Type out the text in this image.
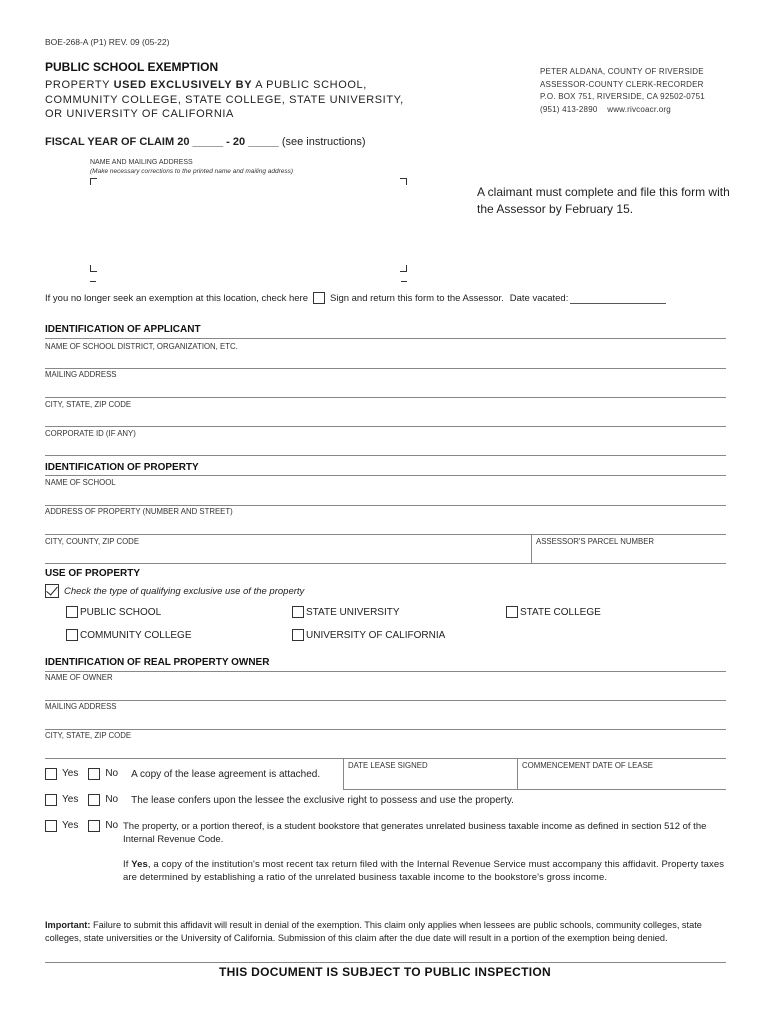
BOE-268-A (P1) REV. 09 (05-22)
PUBLIC SCHOOL EXEMPTION
PROPERTY USED EXCLUSIVELY BY A PUBLIC SCHOOL, COMMUNITY COLLEGE, STATE COLLEGE, STATE UNIVERSITY, OR UNIVERSITY OF CALIFORNIA
PETER ALDANA, COUNTY OF RIVERSIDE
ASSESSOR-COUNTY CLERK-RECORDER
P.O. BOX 751, RIVERSIDE, CA 92502-0751
(951) 413-2890 www.rivcoacr.org
FISCAL YEAR OF CLAIM 20 _____ - 20 _____ (see instructions)
NAME AND MAILING ADDRESS
(Make necessary corrections to the printed name and mailing address)
A claimant must complete and file this form with the Assessor by February 15.
If you no longer seek an exemption at this location, check here Sign and return this form to the Assessor. Date vacated:
IDENTIFICATION OF APPLICANT
NAME OF SCHOOL DISTRICT, ORGANIZATION, ETC.
MAILING ADDRESS
CITY, STATE, ZIP CODE
CORPORATE ID (IF ANY)
IDENTIFICATION OF PROPERTY
NAME OF SCHOOL
ADDRESS OF PROPERTY (NUMBER AND STREET)
CITY, COUNTY, ZIP CODE	ASSESSOR'S PARCEL NUMBER
USE OF PROPERTY
Check the type of qualifying exclusive use of the property
PUBLIC SCHOOL	STATE UNIVERSITY	STATE COLLEGE
COMMUNITY COLLEGE	UNIVERSITY OF CALIFORNIA
IDENTIFICATION OF REAL PROPERTY OWNER
NAME OF OWNER
MAILING ADDRESS
CITY, STATE, ZIP CODE
DATE LEASE SIGNED	COMMENCEMENT DATE OF LEASE
Yes	No A copy of the lease agreement is attached.
Yes	No The lease confers upon the lessee the exclusive right to possess and use the property.
Yes	No The property, or a portion thereof, is a student bookstore that generates unrelated business taxable income as defined in section 512 of the Internal Revenue Code.
If Yes, a copy of the institution's most recent tax return filed with the Internal Revenue Service must accompany this affidavit. Property taxes are determined by establishing a ratio of the unrelated business taxable income to the bookstore's gross income.
Important: Failure to submit this affidavit will result in denial of the exemption. This claim only applies when lessees are public schools, community colleges, state colleges, state universities or the University of California. Submission of this claim after the due date will result in a portion of the exemption being denied.
THIS DOCUMENT IS SUBJECT TO PUBLIC INSPECTION
